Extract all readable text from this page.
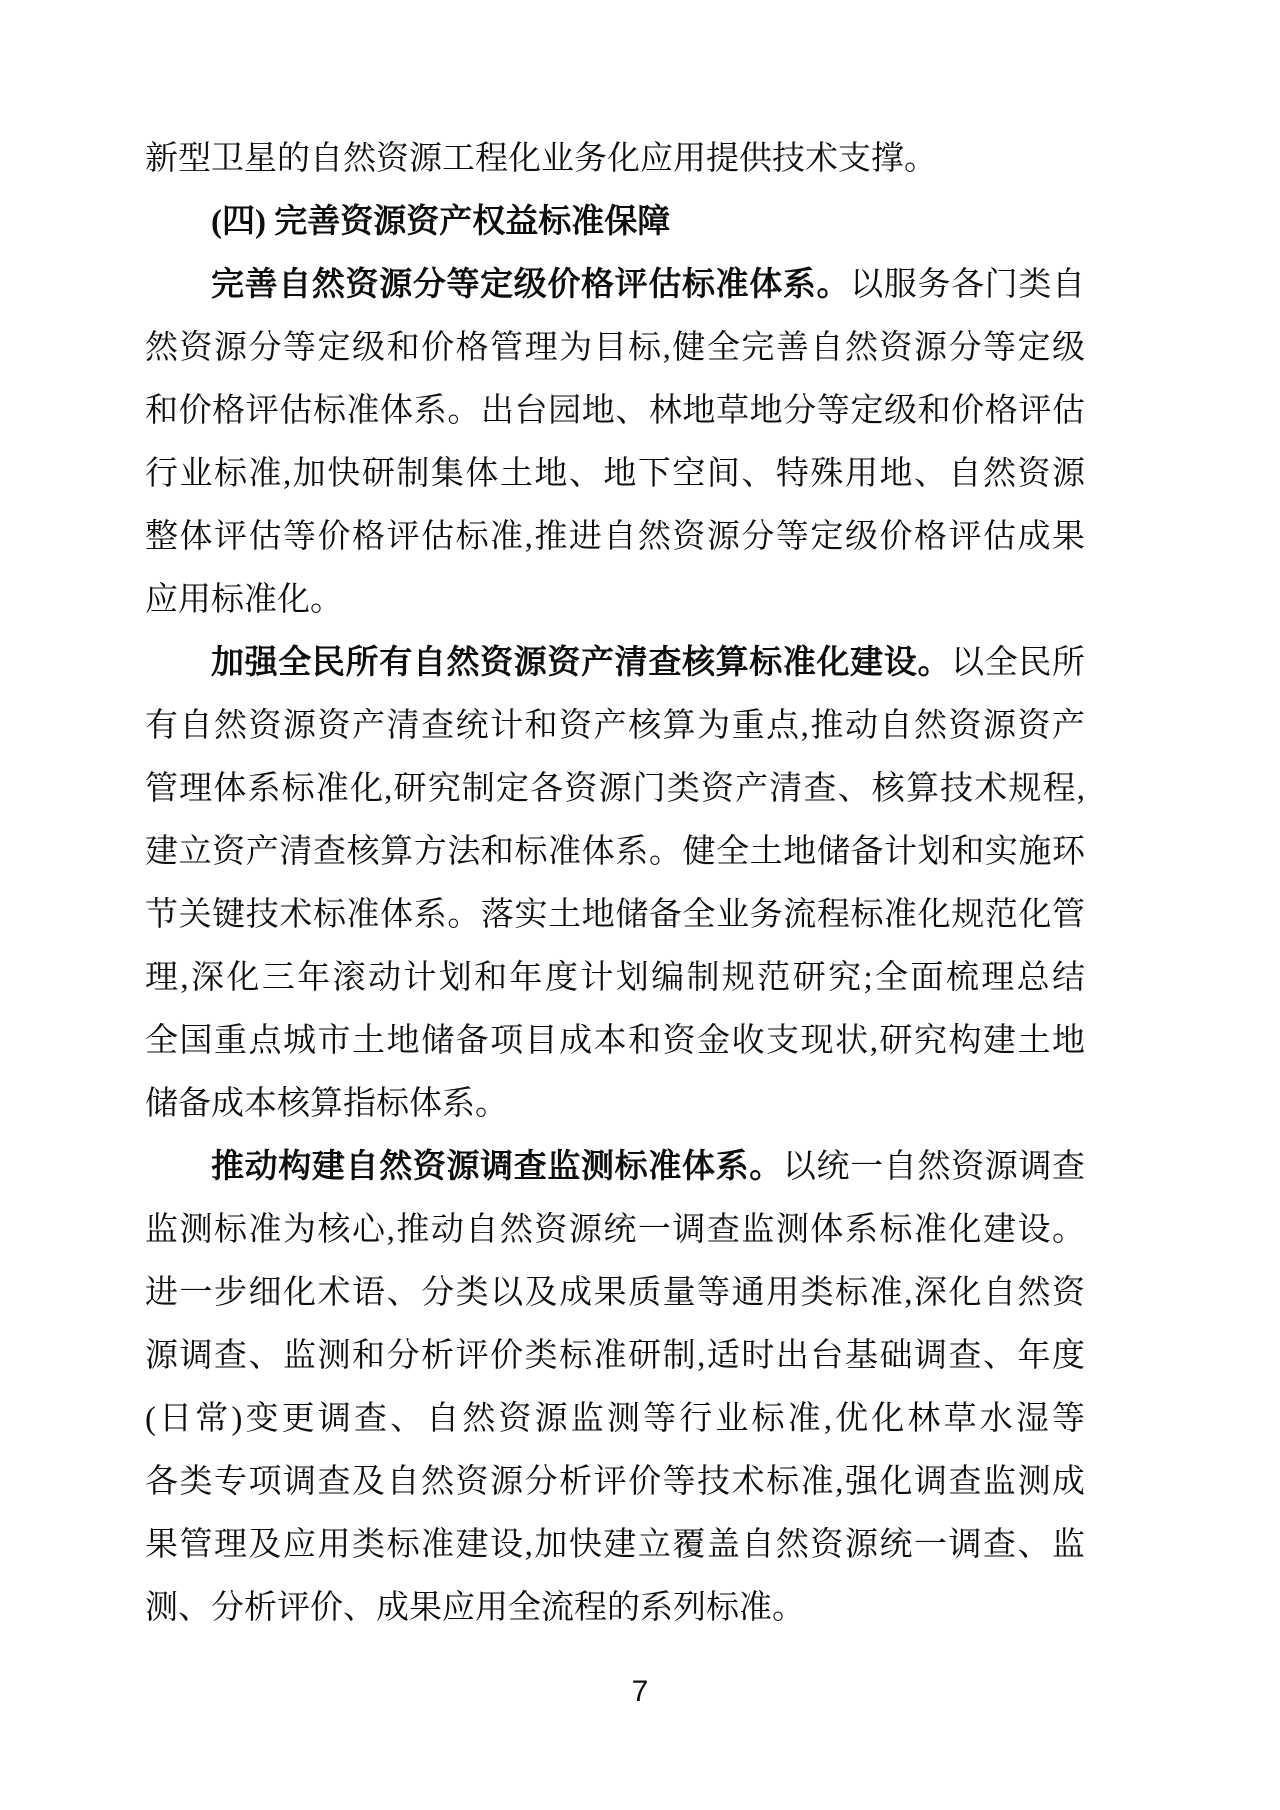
新型卫星的自然资源工程化业务化应用提供技术支撑。
(四) 完善资源资产权益标准保障
完善自然资源分等定级价格评估标准体系。以服务各门类自
然资源分等定级和价格管理为目标,健全完善自然资源分等定级
和价格评估标准体系。出台园地、林地草地分等定级和价格评估
行业标准,加快研制集体土地、地下空间、特殊用地、自然资源
整体评估等价格评估标准,推进自然资源分等定级价格评估成果
应用标准化。
加强全民所有自然资源资产清查核算标准化建设。以全民所
有自然资源资产清查统计和资产核算为重点,推动自然资源资产
管理体系标准化,研究制定各资源门类资产清查、核算技术规程,
建立资产清查核算方法和标准体系。健全土地储备计划和实施环
节关键技术标准体系。落实土地储备全业务流程标准化规范化管
理,深化三年滚动计划和年度计划编制规范研究;全面梳理总结
全国重点城市土地储备项目成本和资金收支现状,研究构建土地
储备成本核算指标体系。
推动构建自然资源调查监测标准体系。以统一自然资源调查
监测标准为核心,推动自然资源统一调查监测体系标准化建设。
进一步细化术语、分类以及成果质量等通用类标准,深化自然资
源调查、监测和分析评价类标准研制,适时出台基础调查、年度
(日常)变更调查、自然资源监测等行业标准,优化林草水湿等
各类专项调查及自然资源分析评价等技术标准,强化调查监测成
果管理及应用类标准建设,加快建立覆盖自然资源统一调查、监
测、分析评价、成果应用全流程的系列标准。
7
